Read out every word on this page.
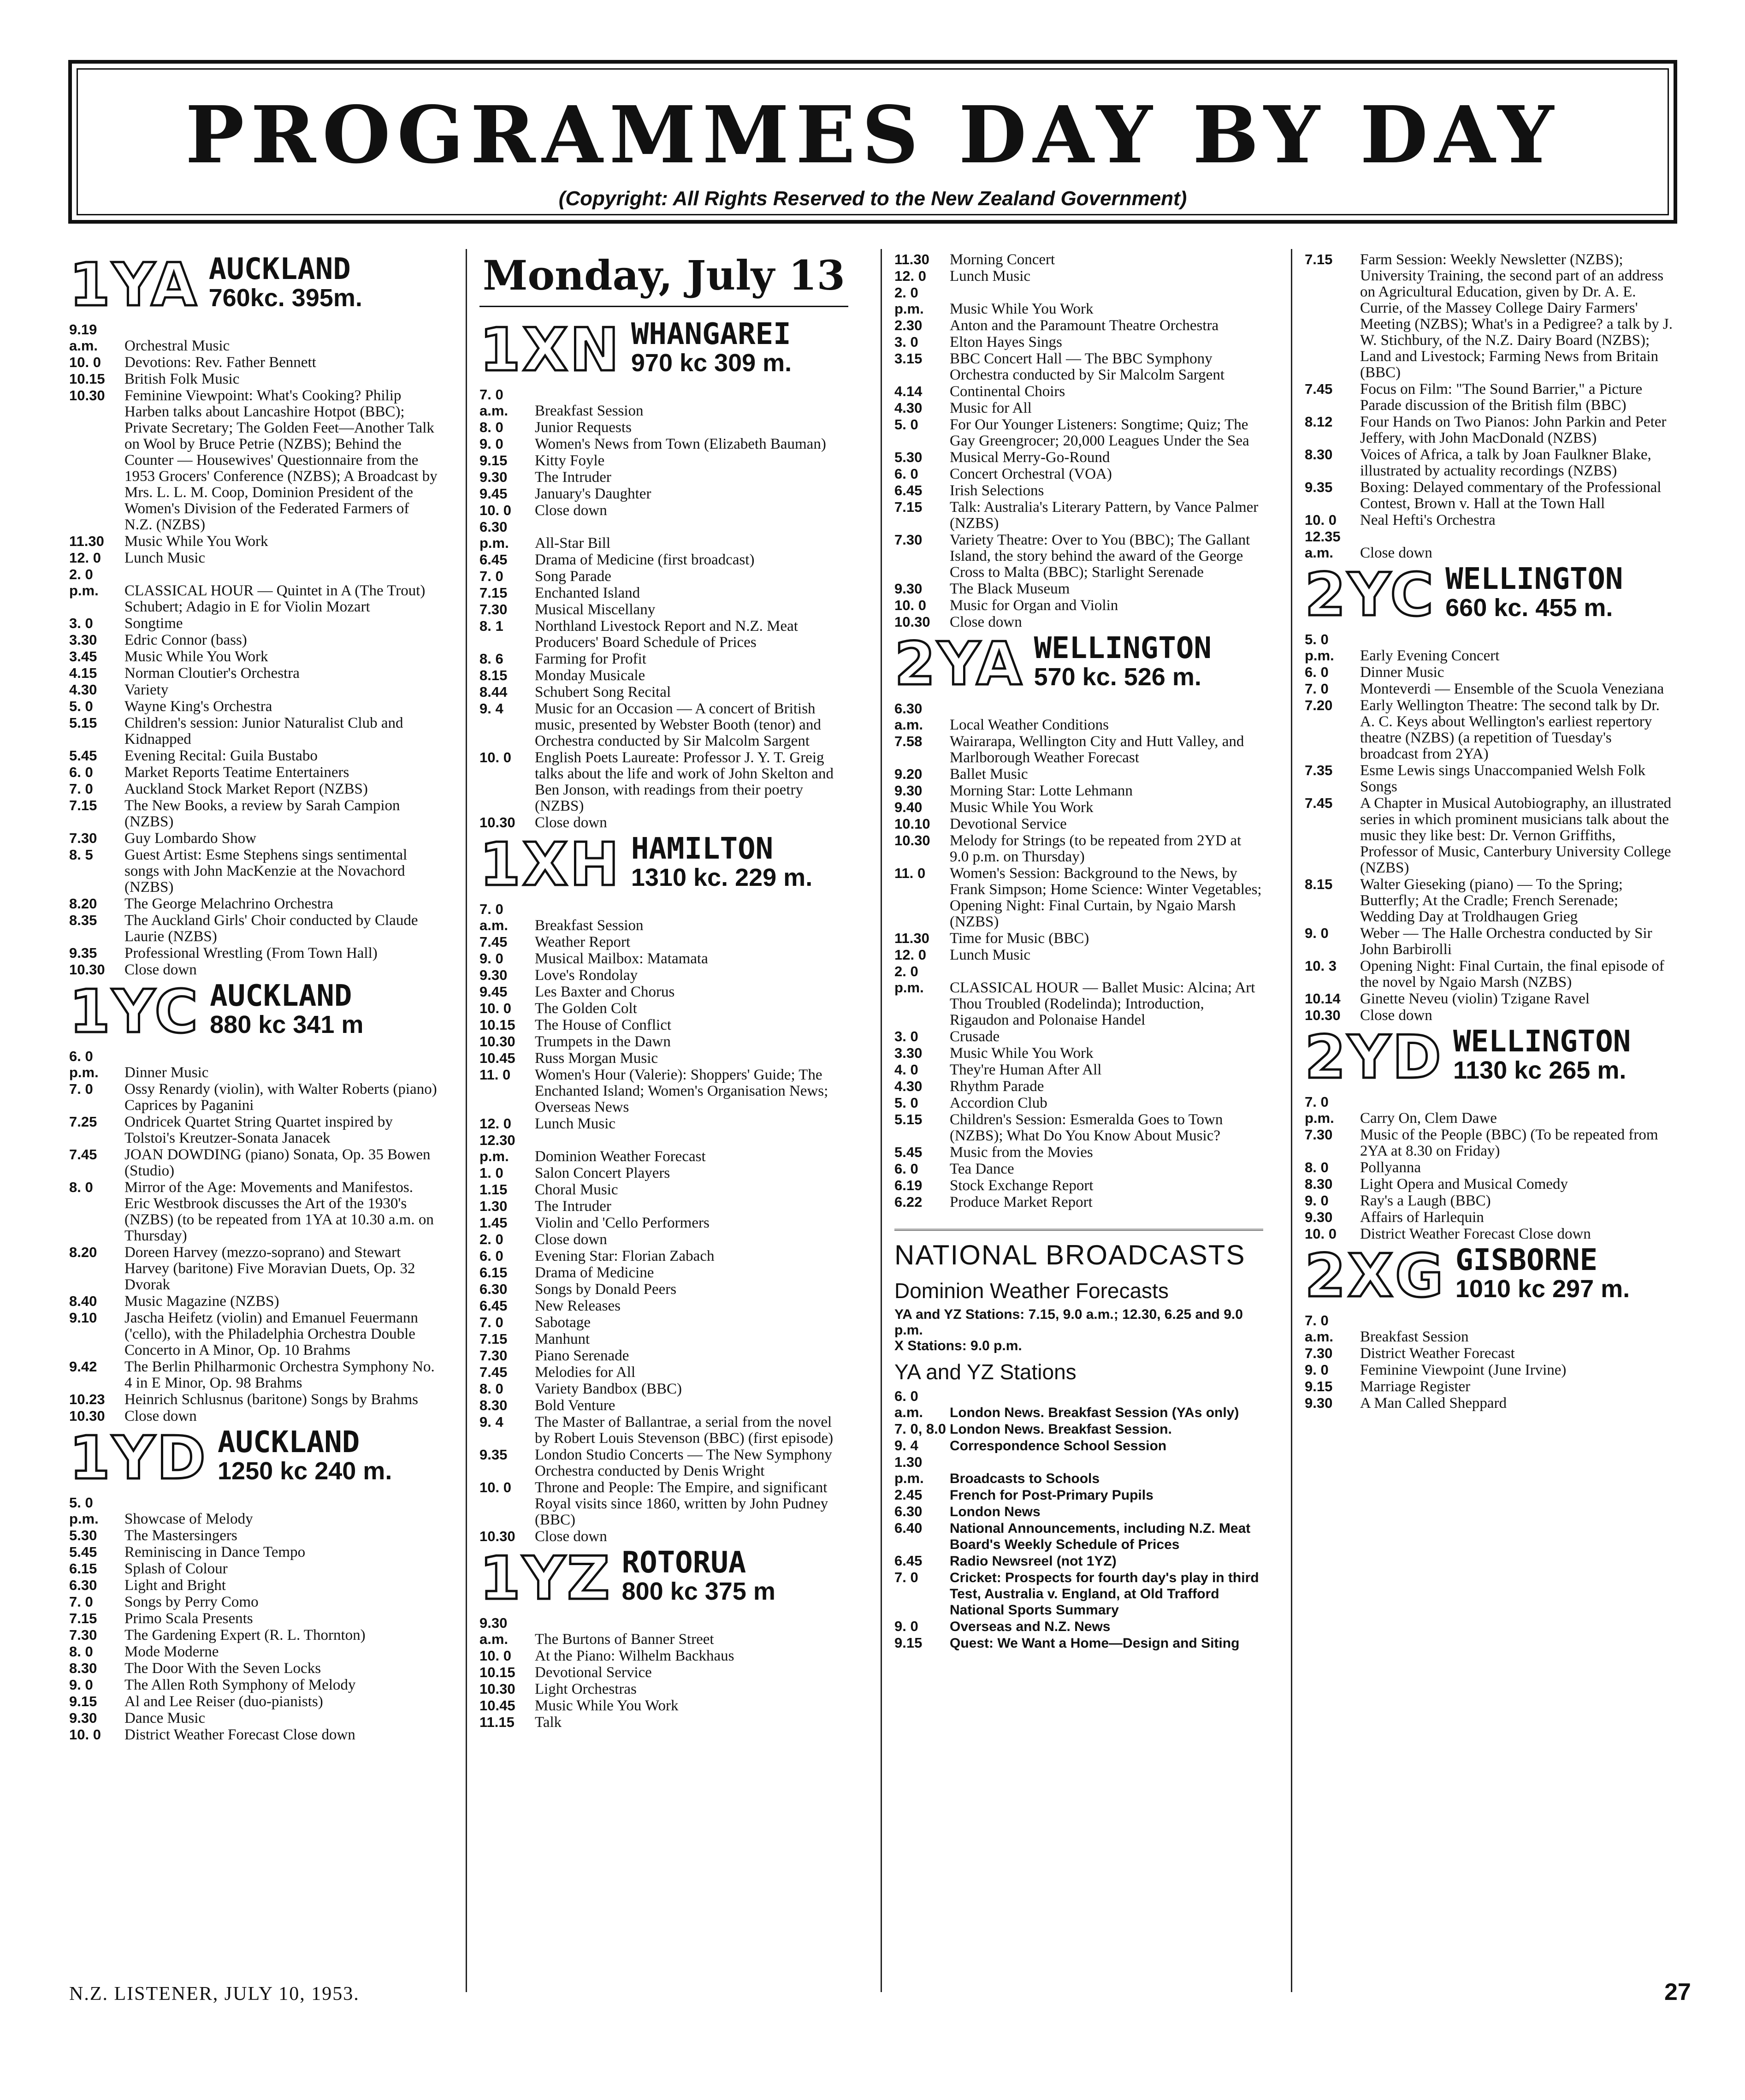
PROGRAMMES DAY BY DAY
(Copyright: All Rights Reserved to the New Zealand Government)
1YA AUCKLAND
760kc. 395m.
9.19 a.m. Orchestral Music
10. 0 Devotions: Rev. Father Bennett
10.15 British Folk Music
10.30 Feminine Viewpoint: What's Cooking? Philip Harben talks about Lancashire Hotpot (BBC); Private Secretary; The Golden Feet—Another Talk on Wool by Bruce Petrie (NZBS); Behind the Counter — Housewives' Questionnaire from the 1953 Grocers' Conference (NZBS); A Broadcast by Mrs. L. L. M. Coop, Dominion President of the Women's Division of the Federated Farmers of N.Z. (NZBS)
11.30 Music While You Work
12. 0 Lunch Music
2. 0 p.m. CLASSICAL HOUR — Quintet in A (The Trout) Schubert; Adagio in E for Violin Mozart
3. 0 Songtime
3.30 Edric Connor (bass)
3.45 Music While You Work
4.15 Norman Cloutier's Orchestra
4.30 Variety
5. 0 Wayne King's Orchestra
5.15 Children's session: Junior Naturalist Club and Kidnapped
5.45 Evening Recital: Guila Bustabo
6. 0 Market Reports Teatime Entertainers
7. 0 Auckland Stock Market Report (NZBS)
7.15 The New Books, a review by Sarah Campion (NZBS)
7.30 Guy Lombardo Show
8. 5 Guest Artist: Esme Stephens sings sentimental songs with John MacKenzie at the Novachord (NZBS)
8.20 The George Melachrino Orchestra
8.35 The Auckland Girls' Choir conducted by Claude Laurie (NZBS)
9.35 Professional Wrestling (From Town Hall)
10.30 Close down
1YC AUCKLAND
880 kc 341 m
6. 0 p.m. Dinner Music
7. 0 Ossy Renardy (violin), with Walter Roberts (piano) Caprices by Paganini
7.25 Ondricek Quartet String Quartet inspired by Tolstoi's Kreutzer-Sonata Janacek
7.45 JOAN DOWDING (piano) Sonata, Op. 35 Bowen (Studio)
8. 0 Mirror of the Age: Movements and Manifestos. Eric Westbrook discusses the Art of the 1930's (NZBS) (to be repeated from 1YA at 10.30 a.m. on Thursday)
8.20 Doreen Harvey (mezzo-soprano) and Stewart Harvey (baritone) Five Moravian Duets, Op. 32 Dvorak
8.40 Music Magazine (NZBS)
9.10 Jascha Heifetz (violin) and Emanuel Feuermann ('cello), with the Philadelphia Orchestra Double Concerto in A Minor, Op. 10 Brahms
9.42 The Berlin Philharmonic Orchestra Symphony No. 4 in E Minor, Op. 98 Brahms
10.23 Heinrich Schlusnus (baritone) Songs by Brahms
10.30 Close down
1YD AUCKLAND
1250 kc 240 m.
5. 0 p.m. Showcase of Melody
5.30 The Mastersingers
5.45 Reminiscing in Dance Tempo
6.15 Splash of Colour
6.30 Light and Bright
7. 0 Songs by Perry Como
7.15 Primo Scala Presents
7.30 The Gardening Expert (R. L. Thornton)
8. 0 Mode Moderne
8.30 The Door With the Seven Locks
9. 0 The Allen Roth Symphony of Melody
9.15 Al and Lee Reiser (duo-pianists)
9.30 Dance Music
10. 0 District Weather Forecast Close down
Monday, July 13
1XN WHANGAREI
970 kc 309 m.
7. 0 a.m. Breakfast Session
8. 0 Junior Requests
9. 0 Women's News from Town (Elizabeth Bauman)
9.15 Kitty Foyle
9.30 The Intruder
9.45 January's Daughter
10. 0 Close down
6.30 p.m. All-Star Bill
6.45 Drama of Medicine (first broadcast)
7. 0 Song Parade
7.15 Enchanted Island
7.30 Musical Miscellany
8. 1 Northland Livestock Report and N.Z. Meat Producers' Board Schedule of Prices
8. 6 Farming for Profit
8.15 Monday Musicale
8.44 Schubert Song Recital
9. 4 Music for an Occasion — A concert of British music, presented by Webster Booth (tenor) and Orchestra conducted by Sir Malcolm Sargent
10. 0 English Poets Laureate: Professor J. Y. T. Greig talks about the life and work of John Skelton and Ben Jonson, with readings from their poetry (NZBS)
10.30 Close down
1XH HAMILTON
1310 kc. 229 m.
7. 0 a.m. Breakfast Session
7.45 Weather Report
9. 0 Musical Mailbox: Matamata
9.30 Love's Rondolay
9.45 Les Baxter and Chorus
10. 0 The Golden Colt
10.15 The House of Conflict
10.30 Trumpets in the Dawn
10.45 Russ Morgan Music
11. 0 Women's Hour (Valerie): Shoppers' Guide; The Enchanted Island; Women's Organisation News; Overseas News
12. 0 Lunch Music
12.30 p.m. Dominion Weather Forecast
1. 0 Salon Concert Players
1.15 Choral Music
1.30 The Intruder
1.45 Violin and 'Cello Performers
2. 0 Close down
6. 0 Evening Star: Florian Zabach
6.15 Drama of Medicine
6.30 Songs by Donald Peers
6.45 New Releases
7. 0 Sabotage
7.15 Manhunt
7.30 Piano Serenade
7.45 Melodies for All
8. 0 Variety Bandbox (BBC)
8.30 Bold Venture
9. 4 The Master of Ballantrae, a serial from the novel by Robert Louis Stevenson (BBC) (first episode)
9.35 London Studio Concerts — The New Symphony Orchestra conducted by Denis Wright
10. 0 Throne and People: The Empire, and significant Royal visits since 1860, written by John Pudney (BBC)
10.30 Close down
1YZ ROTORUA
800 kc 375 m
9.30 a.m. The Burtons of Banner Street
10. 0 At the Piano: Wilhelm Backhaus
10.15 Devotional Service
10.30 Light Orchestras
10.45 Music While You Work
11.15 Talk
11.30 Morning Concert
12. 0 Lunch Music
2. 0 p.m. Music While You Work
2.30 Anton and the Paramount Theatre Orchestra
3. 0 Elton Hayes Sings
3.15 BBC Concert Hall — The BBC Symphony Orchestra conducted by Sir Malcolm Sargent
4.14 Continental Choirs
4.30 Music for All
5. 0 For Our Younger Listeners: Songtime; Quiz; The Gay Greengrocer; 20,000 Leagues Under the Sea
5.30 Musical Merry-Go-Round
6. 0 Concert Orchestral (VOA)
6.45 Irish Selections
7.15 Talk: Australia's Literary Pattern, by Vance Palmer (NZBS)
7.30 Variety Theatre: Over to You (BBC); The Gallant Island, the story behind the award of the George Cross to Malta (BBC); Starlight Serenade
9.30 The Black Museum
10. 0 Music for Organ and Violin
10.30 Close down
2YA WELLINGTON
570 kc. 526 m.
6.30 a.m. Local Weather Conditions
7.58 Wairarapa, Wellington City and Hutt Valley, and Marlborough Weather Forecast
9.20 Ballet Music
9.30 Morning Star: Lotte Lehmann
9.40 Music While You Work
10.10 Devotional Service
10.30 Melody for Strings (to be repeated from 2YD at 9.0 p.m. on Thursday)
11. 0 Women's Session: Background to the News, by Frank Simpson; Home Science: Winter Vegetables; Opening Night: Final Curtain, by Ngaio Marsh (NZBS)
11.30 Time for Music (BBC)
12. 0 Lunch Music
2. 0 p.m. CLASSICAL HOUR — Ballet Music: Alcina; Art Thou Troubled (Rodelinda); Introduction, Rigaudon and Polonaise Handel
3. 0 Crusade
3.30 Music While You Work
4. 0 They're Human After All
4.30 Rhythm Parade
5. 0 Accordion Club
5.15 Children's Session: Esmeralda Goes to Town (NZBS); What Do You Know About Music?
5.45 Music from the Movies
6. 0 Tea Dance
6.19 Stock Exchange Report
6.22 Produce Market Report
NATIONAL BROADCASTS
Dominion Weather Forecasts
YA and YZ Stations: 7.15, 9.0 a.m.; 12.30, 6.25 and 9.0 p.m.
X Stations: 9.0 p.m.
YA and YZ Stations
6. 0 a.m. London News. Breakfast Session (YAs only)
7. 0, 8.0 London News. Breakfast Session.
9. 4 Correspondence School Session
1.30 p.m. Broadcasts to Schools
2.45 French for Post-Primary Pupils
6.30 London News
6.40 National Announcements, including N.Z. Meat Board's Weekly Schedule of Prices
6.45 Radio Newsreel (not 1YZ)
7. 0 Cricket: Prospects for fourth day's play in third Test, Australia v. England, at Old Trafford National Sports Summary
9. 0 Overseas and N.Z. News
9.15 Quest: We Want a Home—Design and Siting
7.15 Farm Session: Weekly Newsletter (NZBS); University Training, the second part of an address on Agricultural Education, given by Dr. A. E. Currie, of the Massey College Dairy Farmers' Meeting (NZBS); What's in a Pedigree? a talk by J. W. Stichbury, of the N.Z. Dairy Board (NZBS); Land and Livestock; Farming News from Britain (BBC)
7.45 Focus on Film: "The Sound Barrier," a Picture Parade discussion of the British film (BBC)
8.12 Four Hands on Two Pianos: John Parkin and Peter Jeffery, with John MacDonald (NZBS)
8.30 Voices of Africa, a talk by Joan Faulkner Blake, illustrated by actuality recordings (NZBS)
9.35 Boxing: Delayed commentary of the Professional Contest, Brown v. Hall at the Town Hall
10. 0 Neal Hefti's Orchestra
12.35 a.m. Close down
2YC WELLINGTON
660 kc. 455 m.
5. 0 p.m. Early Evening Concert
6. 0 Dinner Music
7. 0 Monteverdi — Ensemble of the Scuola Veneziana
7.20 Early Wellington Theatre: The second talk by Dr. A. C. Keys about Wellington's earliest repertory theatre (NZBS) (a repetition of Tuesday's broadcast from 2YA)
7.35 Esme Lewis sings Unaccompanied Welsh Folk Songs
7.45 A Chapter in Musical Autobiography, an illustrated series in which prominent musicians talk about the music they like best: Dr. Vernon Griffiths, Professor of Music, Canterbury University College (NZBS)
8.15 Walter Gieseking (piano) — To the Spring; Butterfly; At the Cradle; French Serenade; Wedding Day at Troldhaugen Grieg
9. 0 Weber — The Halle Orchestra conducted by Sir John Barbirolli
10. 3 Opening Night: Final Curtain, the final episode of the novel by Ngaio Marsh (NZBS)
10.14 Ginette Neveu (violin) Tzigane Ravel
10.30 Close down
2YD WELLINGTON
1130 kc 265 m.
7. 0 p.m. Carry On, Clem Dawe
7.30 Music of the People (BBC) (To be repeated from 2YA at 8.30 on Friday)
8. 0 Pollyanna
8.30 Light Opera and Musical Comedy
9. 0 Ray's a Laugh (BBC)
9.30 Affairs of Harlequin
10. 0 District Weather Forecast Close down
2XG GISBORNE
1010 kc 297 m.
7. 0 a.m. Breakfast Session
7.30 District Weather Forecast
9. 0 Feminine Viewpoint (June Irvine)
9.15 Marriage Register
9.30 A Man Called Sheppard
N.Z. LISTENER, JULY 10, 1953.	27
